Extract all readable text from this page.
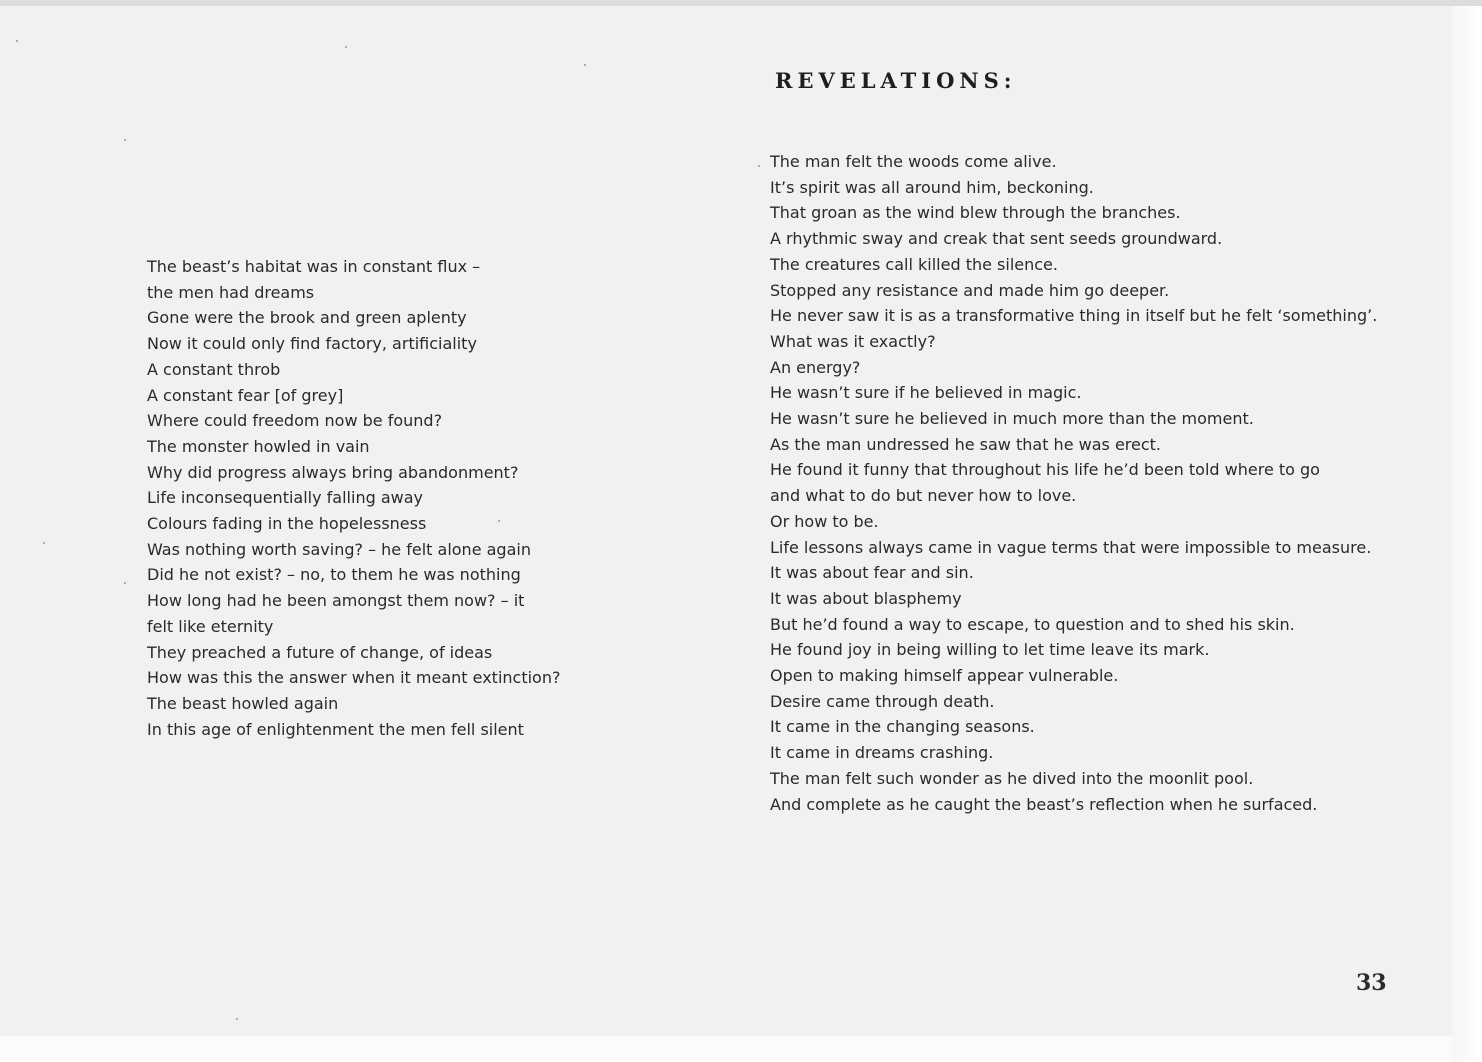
The beast’s habitat was in constant flux –
the men had dreams
Gone were the brook and green aplenty
Now it could only find factory, artificiality
A constant throb
A constant fear [of grey]
Where could freedom now be found?
The monster howled in vain
Why did progress always bring abandonment?
Life inconsequentially falling away
Colours fading in the hopelessness
Was nothing worth saving? – he felt alone again
Did he not exist? – no, to them he was nothing
How long had he been amongst them now? – it
felt like eternity
They preached a future of change, of ideas
How was this the answer when it meant extinction?
The beast howled again
In this age of enlightenment the men fell silent
REVELATIONS:
The man felt the woods come alive.
It’s spirit was all around him, beckoning.
That groan as the wind blew through the branches.
A rhythmic sway and creak that sent seeds groundward.
The creatures call killed the silence.
Stopped any resistance and made him go deeper.
He never saw it is as a transformative thing in itself but he felt ‘something’.
What was it exactly?
An energy?
He wasn’t sure if he believed in magic.
He wasn’t sure he believed in much more than the moment.
As the man undressed he saw that he was erect.
He found it funny that throughout his life he’d been told where to go
and what to do but never how to love.
Or how to be.
Life lessons always came in vague terms that were impossible to measure.
It was about fear and sin.
It was about blasphemy
But he’d found a way to escape, to question and to shed his skin.
He found joy in being willing to let time leave its mark.
Open to making himself appear vulnerable.
Desire came through death.
It came in the changing seasons.
It came in dreams crashing.
The man felt such wonder as he dived into the moonlit pool.
And complete as he caught the beast’s reflection when he surfaced.
33
